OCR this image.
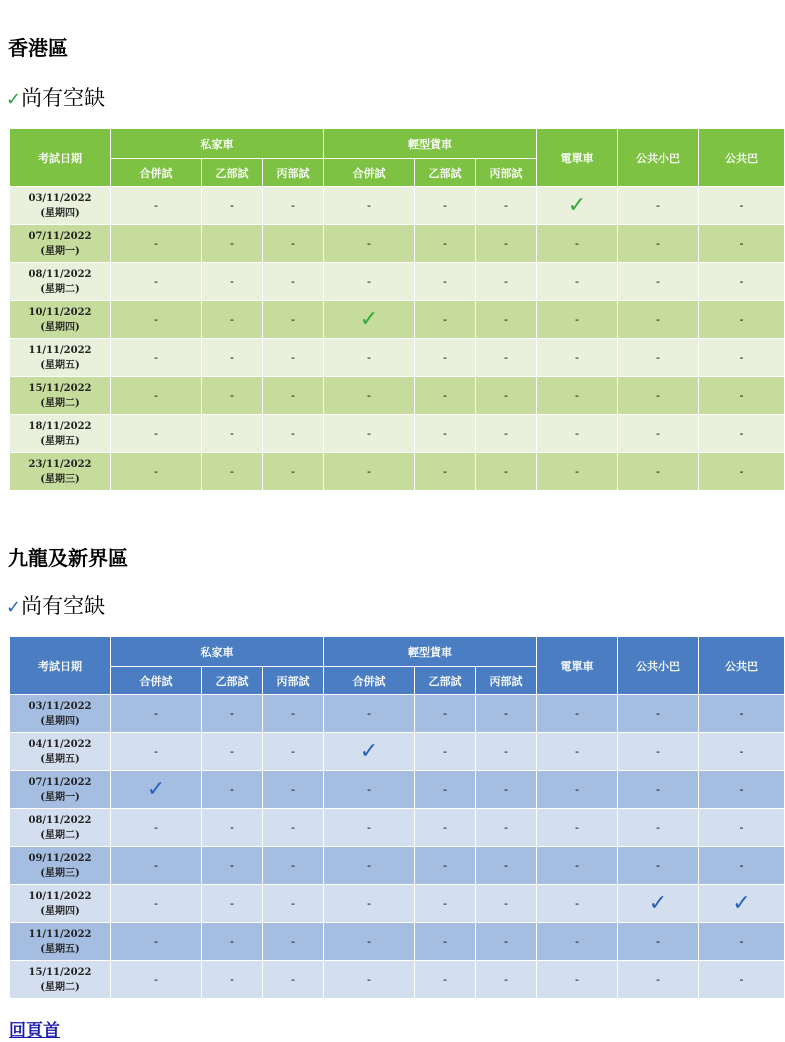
香港區
✓尚有空缺
考試日期	私家車			輕型貨車			電單車	公共小巴	公共巴
	合併試	乙部試	丙部試	合併試	乙部試	丙部試			

03/11/2022
(星期四)	-	-	-	-	-	-	✓	-	-

07/11/2022
(星期一)	-	-	-	-	-	-	-	-	-

08/11/2022
(星期二)	-	-	-	-	-	-	-	-	-

10/11/2022
(星期四)	-	-	-	✓	-	-	-	-	-

11/11/2022
(星期五)	-	-	-	-	-	-	-	-	-

15/11/2022
(星期二)	-	-	-	-	-	-	-	-	-

18/11/2022
(星期五)	-	-	-	-	-	-	-	-	-

23/11/2022
(星期三)	-	-	-	-	-	-	-	-	-
九龍及新界區
✓尚有空缺
考試日期	私家車			輕型貨車			電單車	公共小巴	公共巴
	合併試	乙部試	丙部試	合併試	乙部試	丙部試			

03/11/2022
(星期四)	-	-	-	-	-	-	-	-	-

04/11/2022
(星期五)	-	-	-	✓	-	-	-	-	-

07/11/2022
(星期一)	✓	-	-	-	-	-	-	-	-

08/11/2022
(星期二)	-	-	-	-	-	-	-	-	-

09/11/2022
(星期三)	-	-	-	-	-	-	-	-	-

10/11/2022
(星期四)	-	-	-	-	-	-	-	✓	✓

11/11/2022
(星期五)	-	-	-	-	-	-	-	-	-

15/11/2022
(星期二)	-	-	-	-	-	-	-	-	-
回頁首
